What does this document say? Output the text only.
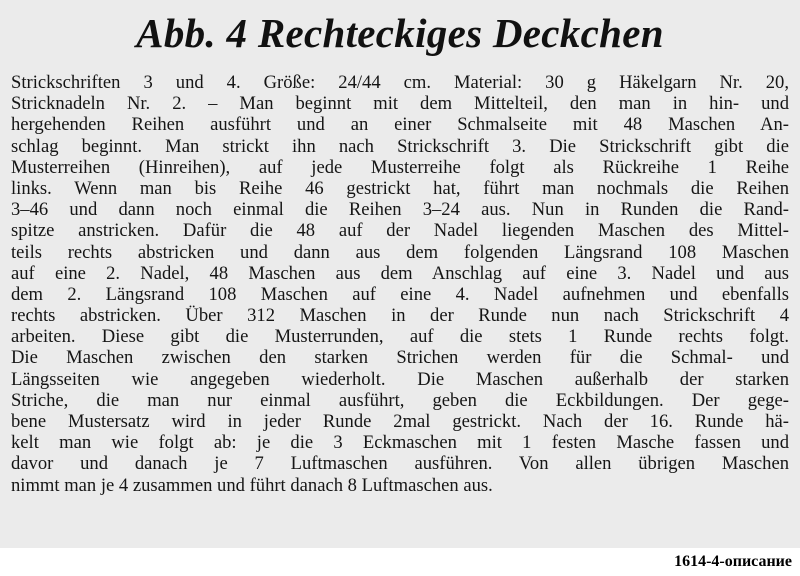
Abb. 4 Rechteckiges Deckchen
Strickschriften 3 und 4. Größe: 24/44 cm. Material: 30 g Häkelgarn Nr. 20,
Stricknadeln Nr. 2. – Man beginnt mit dem Mittelteil, den man in hin- und
hergehenden Reihen ausführt und an einer Schmalseite mit 48 Maschen An-
schlag beginnt. Man strickt ihn nach Strickschrift 3. Die Strickschrift gibt die
Musterreihen (Hinreihen), auf jede Musterreihe folgt als Rückreihe 1 Reihe
links. Wenn man bis Reihe 46 gestrickt hat, führt man nochmals die Reihen
3–46 und dann noch einmal die Reihen 3–24 aus. Nun in Runden die Rand-
spitze anstricken. Dafür die 48 auf der Nadel liegenden Maschen des Mittel-
teils rechts abstricken und dann aus dem folgenden Längsrand 108 Maschen
auf eine 2. Nadel, 48 Maschen aus dem Anschlag auf eine 3. Nadel und aus
dem 2. Längsrand 108 Maschen auf eine 4. Nadel aufnehmen und ebenfalls
rechts abstricken. Über 312 Maschen in der Runde nun nach Strickschrift 4
arbeiten. Diese gibt die Musterrunden, auf die stets 1 Runde rechts folgt.
Die Maschen zwischen den starken Strichen werden für die Schmal- und
Längsseiten wie angegeben wiederholt. Die Maschen außerhalb der starken
Striche, die man nur einmal ausführt, geben die Eckbildungen. Der gege-
bene Mustersatz wird in jeder Runde 2mal gestrickt. Nach der 16. Runde hä-
kelt man wie folgt ab: je die 3 Eckmaschen mit 1 festen Masche fassen und
davor und danach je 7 Luftmaschen ausführen. Von allen übrigen Maschen
nimmt man je 4 zusammen und führt danach 8 Luftmaschen aus.

1614-4-описание
